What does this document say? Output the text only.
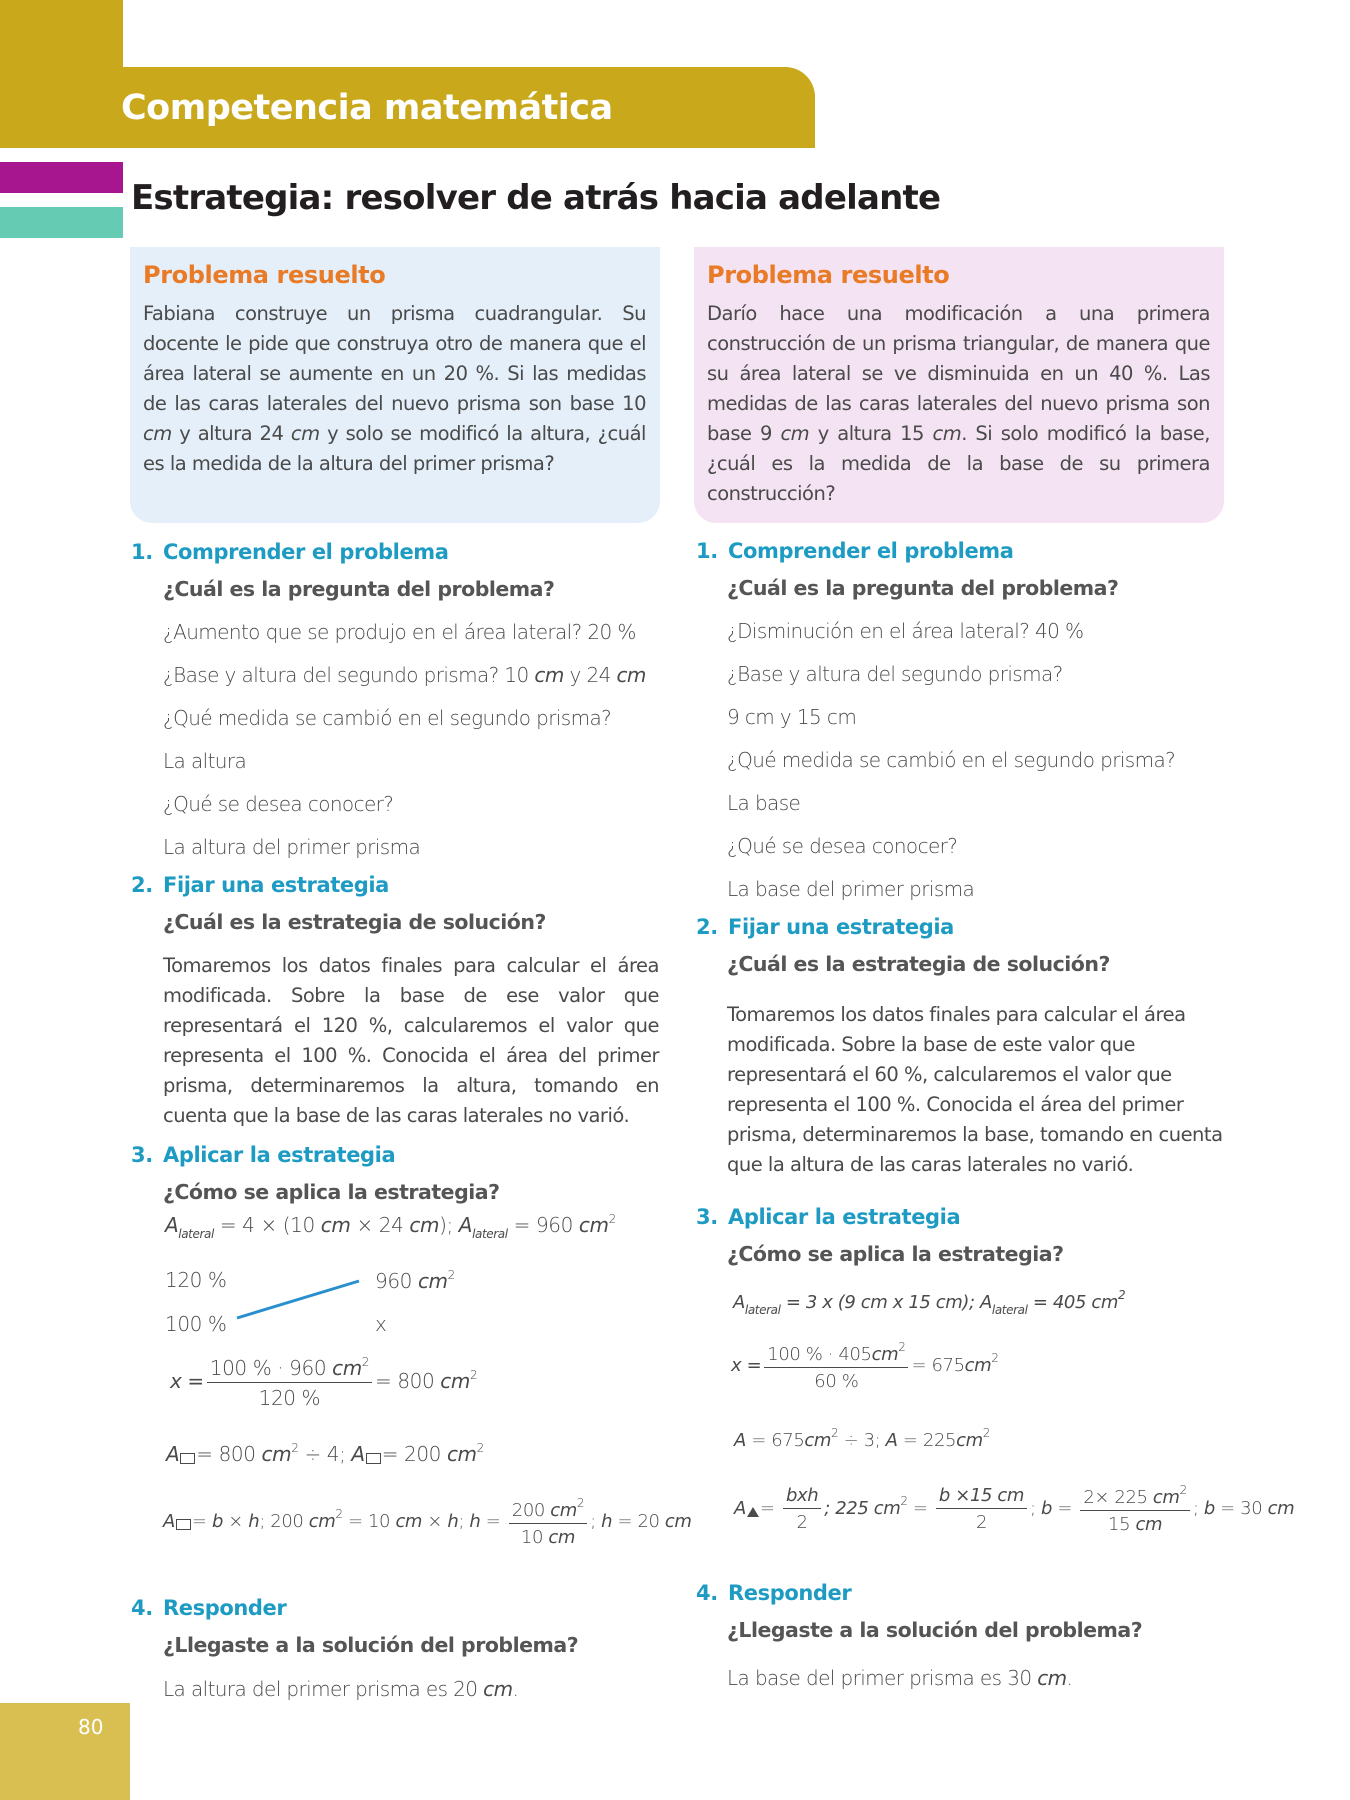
Competencia matemática
Estrategia: resolver de atrás hacia adelante
Problema resuelto
Fabiana construye un prisma cuadrangular. Su docente le pide que construya otro de manera que el área lateral se aumente en un 20 %. Si las medidas de las caras laterales del nuevo prisma son base 10 cm y altura 24 cm y solo se modificó la altura, ¿cuál es la medida de la altura del primer prisma?
Problema resuelto
Darío hace una modificación a una primera construcción de un prisma triangular, de manera que su área lateral se ve disminuida en un 40 %. Las medidas de las caras laterales del nuevo prisma son base 9 cm y altura 15 cm. Si solo modificó la base, ¿cuál es la medida de la base de su primera construcción?
1. Comprender el problema
¿Cuál es la pregunta del problema?
¿Aumento que se produjo en el área lateral? 20 %
¿Base y altura del segundo prisma? 10 cm y 24 cm
¿Qué medida se cambió en el segundo prisma?
La altura
¿Qué se desea conocer?
La altura del primer prisma
2. Fijar una estrategia
¿Cuál es la estrategia de solución?
Tomaremos los datos finales para calcular el área modificada. Sobre la base de ese valor que representará el 120 %, calcularemos el valor que representa el 100 %. Conocida el área del primer prisma, determinaremos la altura, tomando en cuenta que la base de las caras laterales no varió.
3. Aplicar la estrategia
¿Cómo se aplica la estrategia?
$A_{lateral} = 4 \times (10$ cm × 24 cm); $A_{lateral} = 960$ $cm^2$
120 %	960 $cm^2$
100 %	x
$x = \frac{100 \% \cdot 960 cm^2}{120 \%} = 800$ $cm^2$
A = 800 $cm^2 \div 4$; A = 200 $cm^2$
A = b × h; 200 $cm^2 = 10$ cm × h; $h = \frac{200 cm^2}{10 cm}$ ; h = 20 cm
4. Responder
¿Llegaste a la solución del problema?
La altura del primer prisma es 20 cm.
1. Comprender el problema
¿Cuál es la pregunta del problema?
¿Disminución en el área lateral? 40 %
¿Base y altura del segundo prisma?
9 cm y 15 cm
¿Qué medida se cambió en el segundo prisma?
La base
¿Qué se desea conocer?
La base del primer prisma
2. Fijar una estrategia
¿Cuál es la estrategia de solución?
Tomaremos los datos finales para calcular el área modificada. Sobre la base de este valor que representará el 60 %, calcularemos el valor que representa el 100 %. Conocida el área del primer prisma, determinaremos la base, tomando en cuenta que la altura de las caras laterales no varió.
3. Aplicar la estrategia
¿Cómo se aplica la estrategia?
$A_{lateral} = 3$ x (9 cm x 15 cm); $A_{lateral} = 405$ $cm^2$
$x = \frac{100 \% \cdot 405cm^2}{60 \%} = 675cm^2$
$A = 675cm^2 \div 3$; $A = 225cm^2$
$A = \frac{\text{bxh}}{2}$ ; 225 $cm^2 = \frac{b \times 15 cm}{2}$ ; $b = \frac{2\times 225 cm^2}{15 cm}$ ; b = 30 cm
4. Responder
¿Llegaste a la solución del problema?
La base del primer prisma es 30 cm.
80
